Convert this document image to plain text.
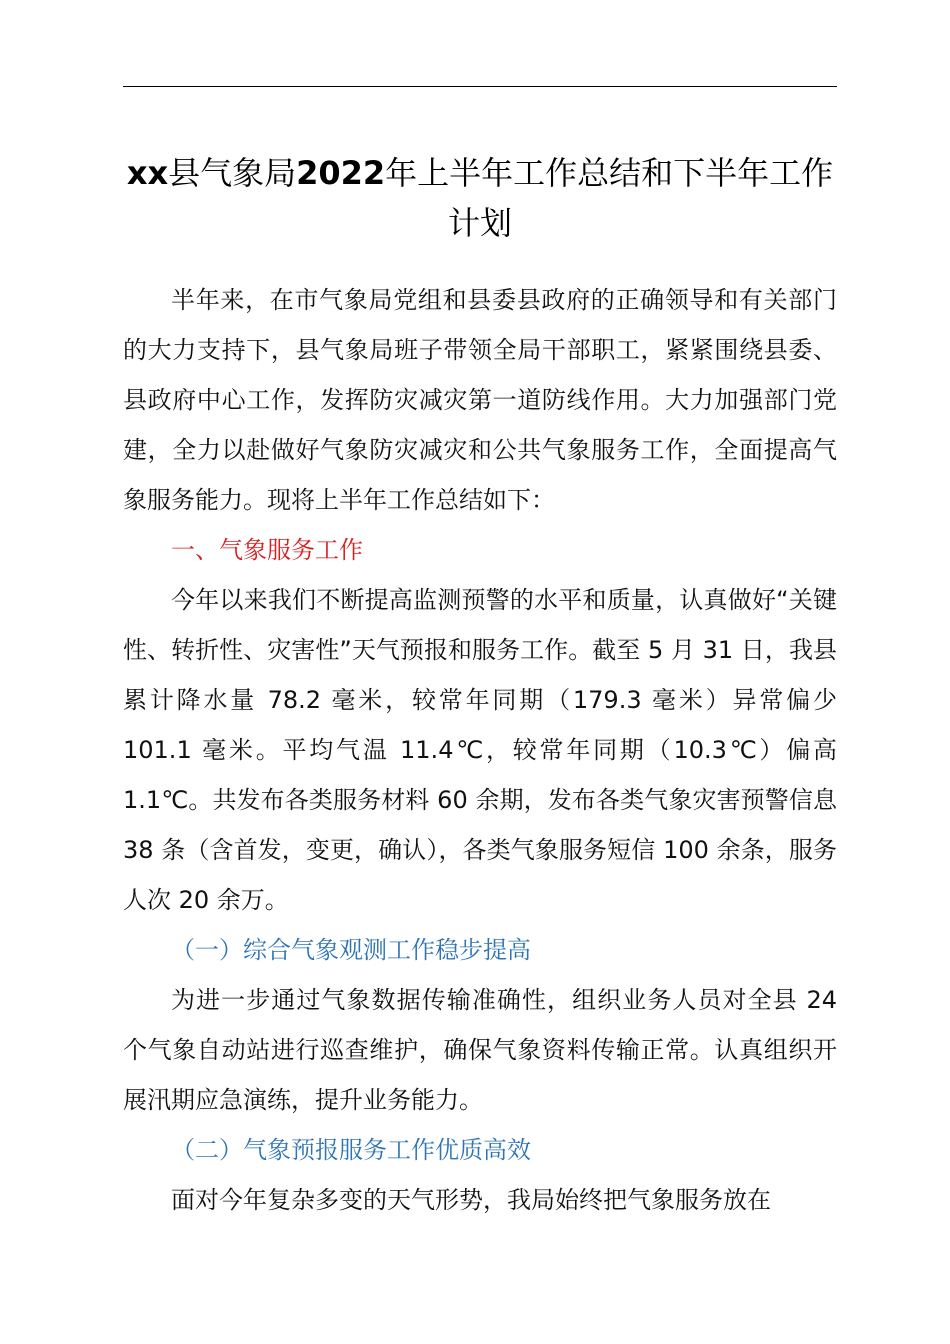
xx县气象局2022年上半年工作总结和下半年工作计划

半年来，在市气象局党组和县委县政府的正确领导和有关部门的大力支持下，县气象局班子带领全局干部职工，紧紧围绕县委、县政府中心工作，发挥防灾减灾第一道防线作用。大力加强部门党建，全力以赴做好气象防灾减灾和公共气象服务工作，全面提高气象服务能力。现将上半年工作总结如下：

一、气象服务工作

今年以来我们不断提高监测预警的水平和质量，认真做好“关键性、转折性、灾害性”天气预报和服务工作。截至 5 月 31 日，我县累计降水量 78.2 毫米，较常年同期（179.3 毫米）异常偏少 101.1 毫米。平均气温 11.4℃，较常年同期（10.3℃）偏高 1.1℃。共发布各类服务材料 60 余期，发布各类气象灾害预警信息 38 条（含首发，变更，确认），各类气象服务短信 100 余条，服务人次 20 余万。

（一）综合气象观测工作稳步提高

为进一步通过气象数据传输准确性，组织业务人员对全县 24 个气象自动站进行巡查维护，确保气象资料传输正常。认真组织开展汛期应急演练，提升业务能力。

（二）气象预报服务工作优质高效

面对今年复杂多变的天气形势，我局始终把气象服务放在
